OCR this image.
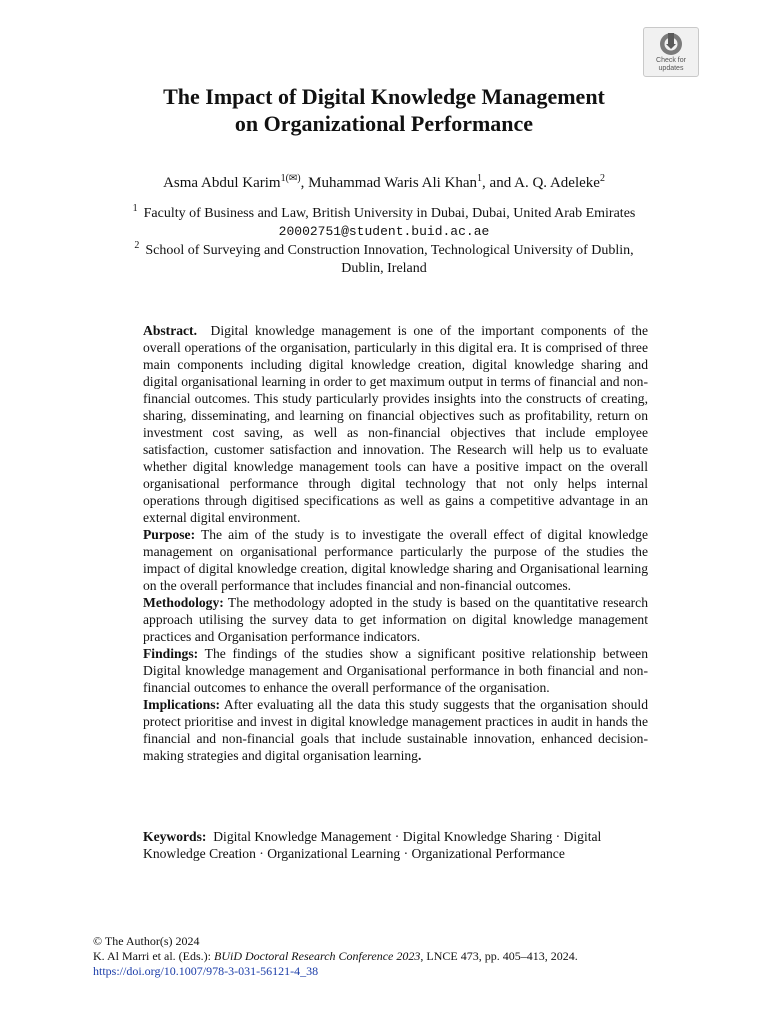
Check for
updates
The Impact of Digital Knowledge Management
on Organizational Performance
Asma Abdul Karim$^{1(✉)}$, Muhammad Waris Ali Khan$^1$, and A. Q. Adeleke$^2$
$^1$ Faculty of Business and Law, British University in Dubai, Dubai, United Arab Emirates
20002751@student.buid.ac.ae
$^2$ School of Surveying and Construction Innovation, Technological University of Dublin,
Dublin, Ireland

Abstract. Digital knowledge management is one of the important components of the overall operations of the organisation, particularly in this digital era. It is comprised of three main components including digital knowledge creation, digital knowledge sharing and digital organisational learning in order to get maximum output in terms of financial and non-financial outcomes. This study particularly provides insights into the constructs of creating, sharing, disseminating, and learning on financial objectives such as profitability, return on investment cost saving, as well as non-financial objectives that include employee satisfaction, customer satisfaction and innovation. The Research will help us to evaluate whether digital knowledge management tools can have a positive impact on the overall organisational performance through digital technology that not only helps internal operations through digitised specifications as well as gains a competitive advantage in an external digital environment.

Purpose: The aim of the study is to investigate the overall effect of digital knowledge management on organisational performance particularly the purpose of the studies the impact of digital knowledge creation, digital knowledge sharing and Organisational learning on the overall performance that includes financial and non-financial outcomes.

Methodology: The methodology adopted in the study is based on the quantitative research approach utilising the survey data to get information on digital knowledge management practices and Organisation performance indicators.

Findings: The findings of the studies show a significant positive relationship between Digital knowledge management and Organisational performance in both financial and non-financial outcomes to enhance the overall performance of the organisation.

Implications: After evaluating all the data this study suggests that the organisation should protect prioritise and invest in digital knowledge management practices in audit in hands the financial and non-financial goals that include sustainable innovation, enhanced decision-making strategies and digital organisation learning.

Keywords: Digital Knowledge Management · Digital Knowledge Sharing · Digital Knowledge Creation · Organizational Learning · Organizational Performance
© The Author(s) 2024
K. Al Marri et al. (Eds.): BUiD Doctoral Research Conference 2023, LNCE 473, pp. 405–413, 2024.
https://doi.org/10.1007/978-3-031-56121-4_38
